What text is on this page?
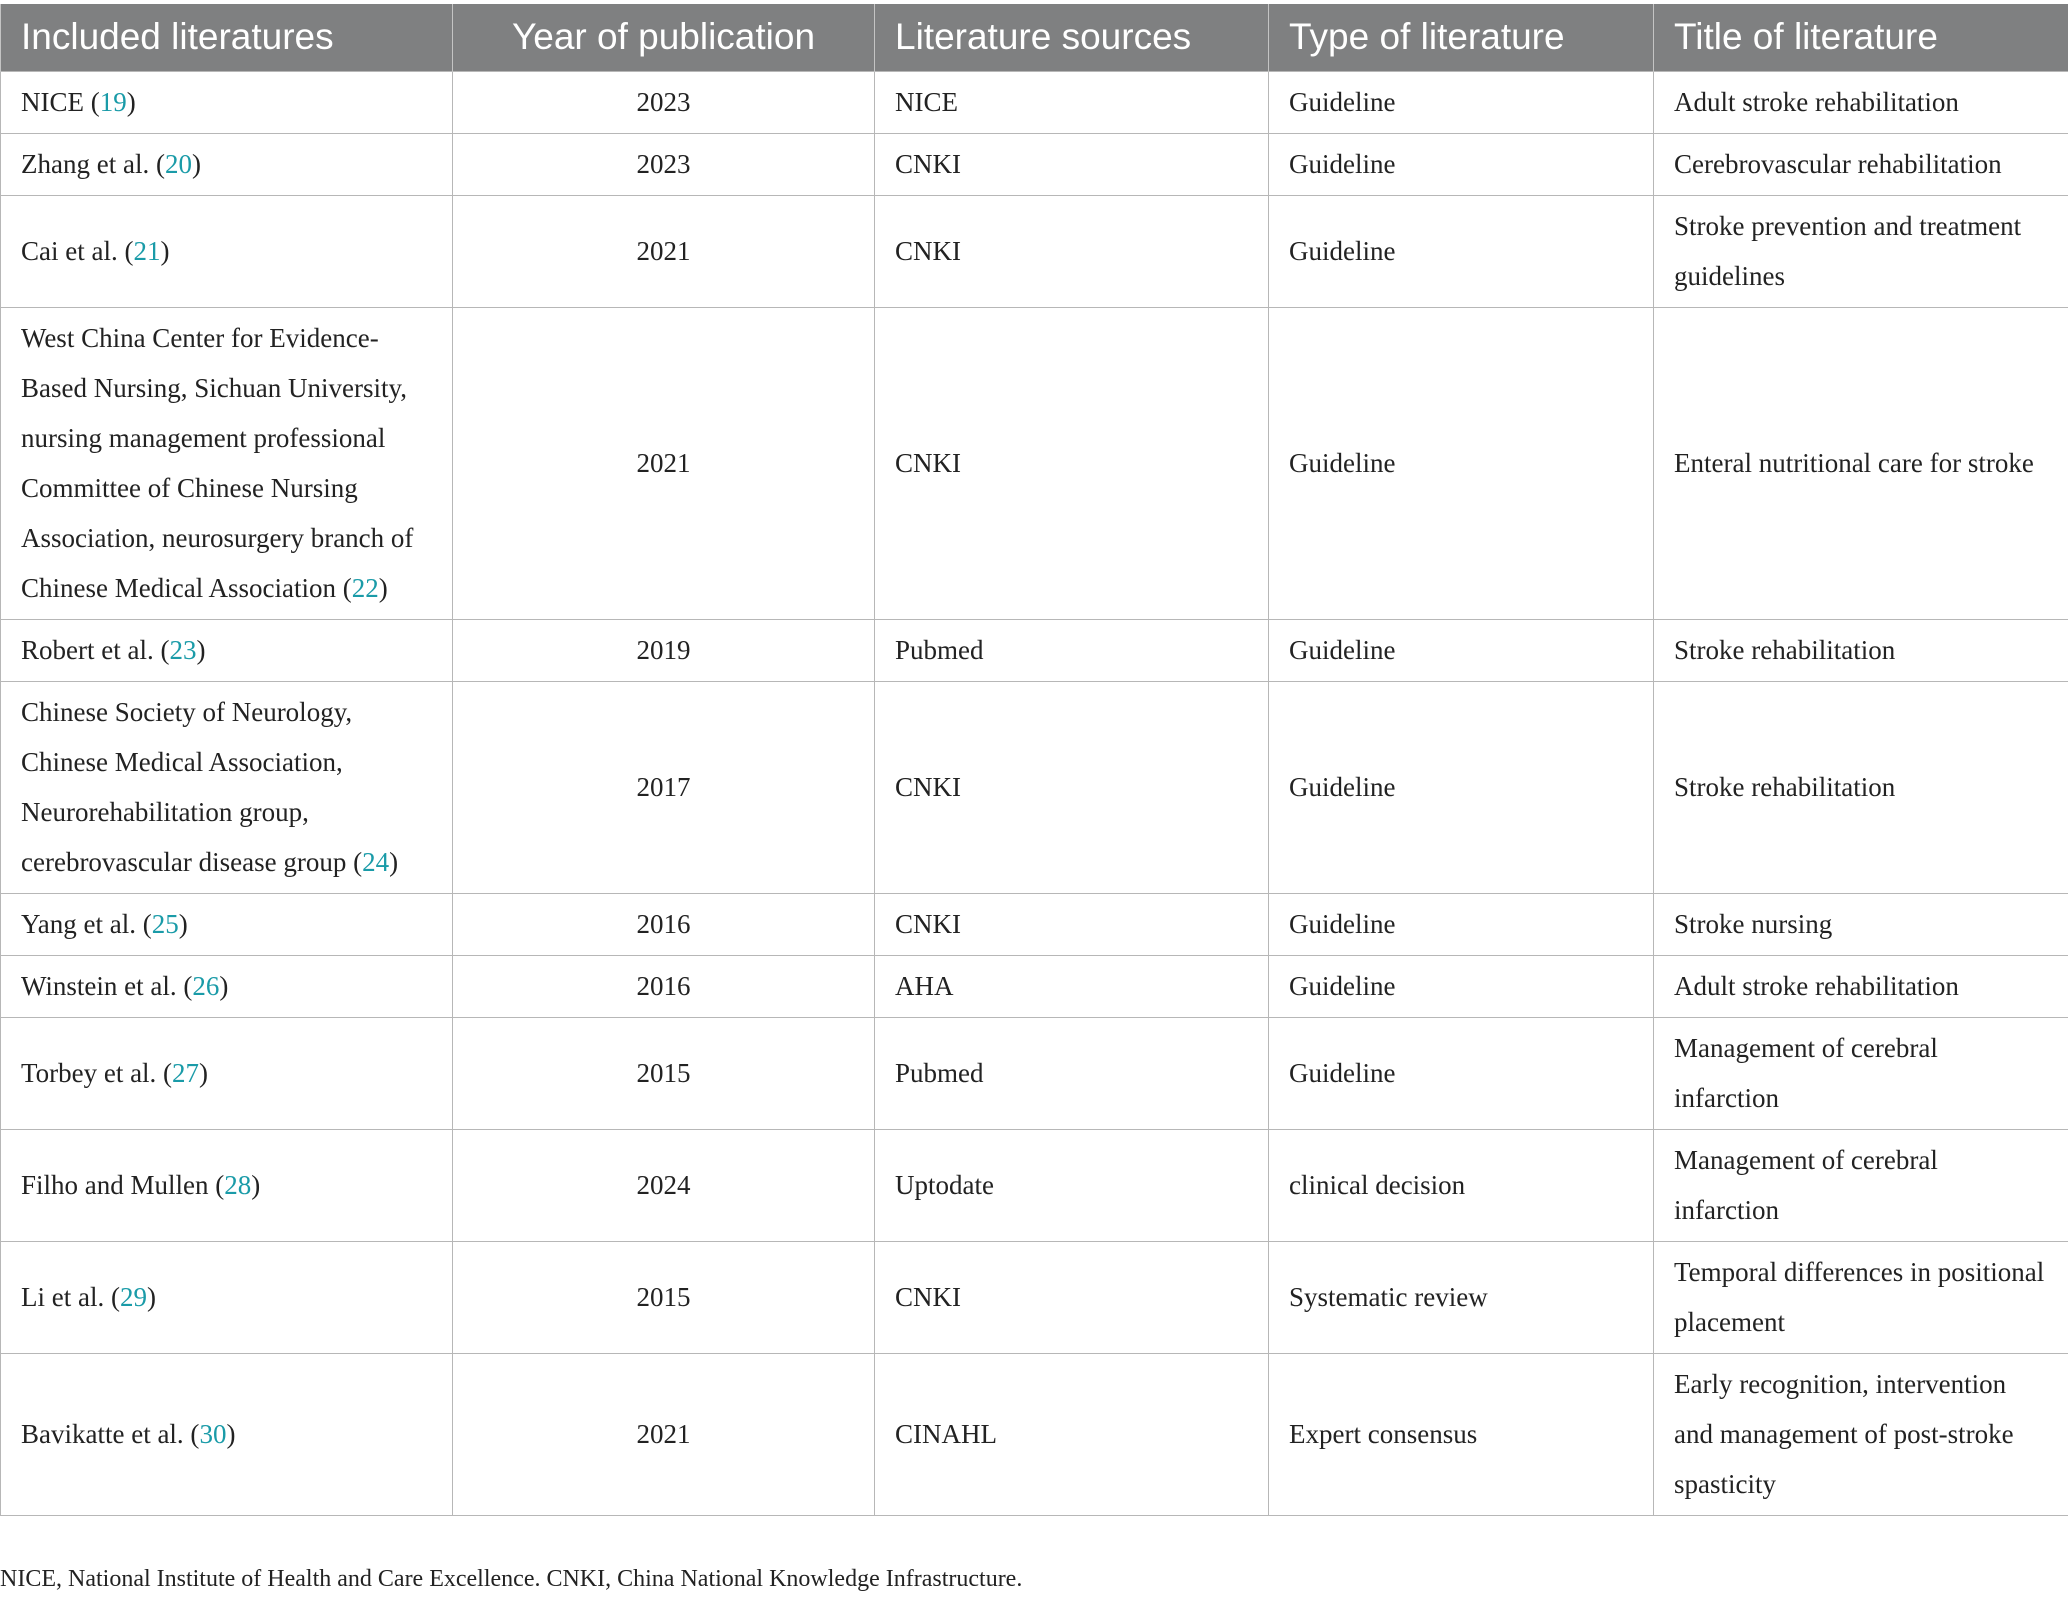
Included literatures	Year of publication	Literature sources	Type of literature	Title of literature
NICE (19)	2023	NICE	Guideline	Adult stroke rehabilitation
Zhang et al. (20)	2023	CNKI	Guideline	Cerebrovascular rehabilitation
Cai et al. (21)	2021	CNKI	Guideline	Stroke prevention and treatment guidelines
West China Center for Evidence-Based Nursing, Sichuan University, nursing management professional Committee of Chinese Nursing Association, neurosurgery branch of Chinese Medical Association (22)	2021	CNKI	Guideline	Enteral nutritional care for stroke
Robert et al. (23)	2019	Pubmed	Guideline	Stroke rehabilitation
Chinese Society of Neurology, Chinese Medical Association, Neurorehabilitation group, cerebrovascular disease group (24)	2017	CNKI	Guideline	Stroke rehabilitation
Yang et al. (25)	2016	CNKI	Guideline	Stroke nursing
Winstein et al. (26)	2016	AHA	Guideline	Adult stroke rehabilitation
Torbey et al. (27)	2015	Pubmed	Guideline	Management of cerebral infarction
Filho and Mullen (28)	2024	Uptodate	clinical decision	Management of cerebral infarction
Li et al. (29)	2015	CNKI	Systematic review	Temporal differences in positional placement
Bavikatte et al. (30)	2021	CINAHL	Expert consensus	Early recognition, intervention and management of post-stroke spasticity
NICE, National Institute of Health and Care Excellence. CNKI, China National Knowledge Infrastructure.
